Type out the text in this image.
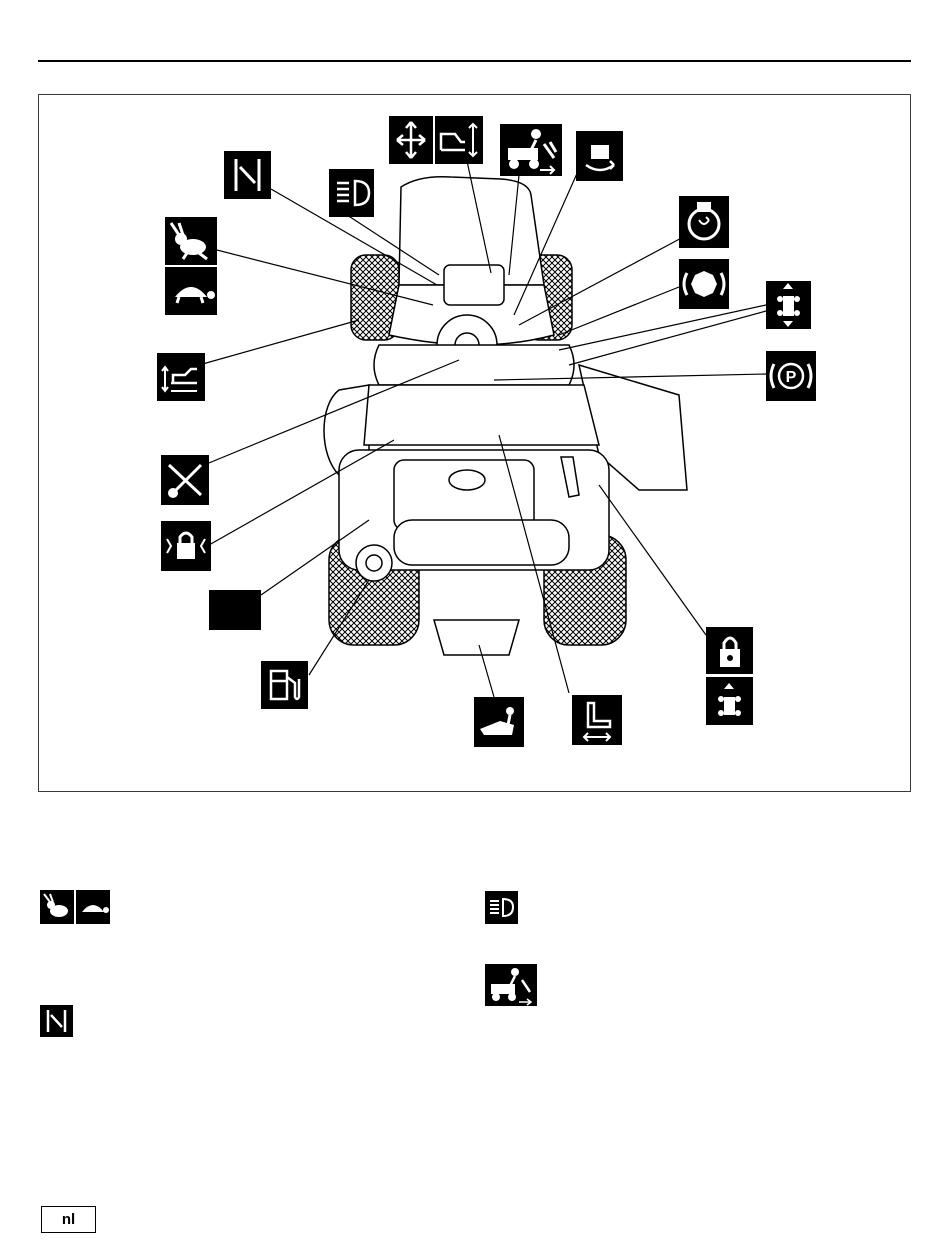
P
nl
